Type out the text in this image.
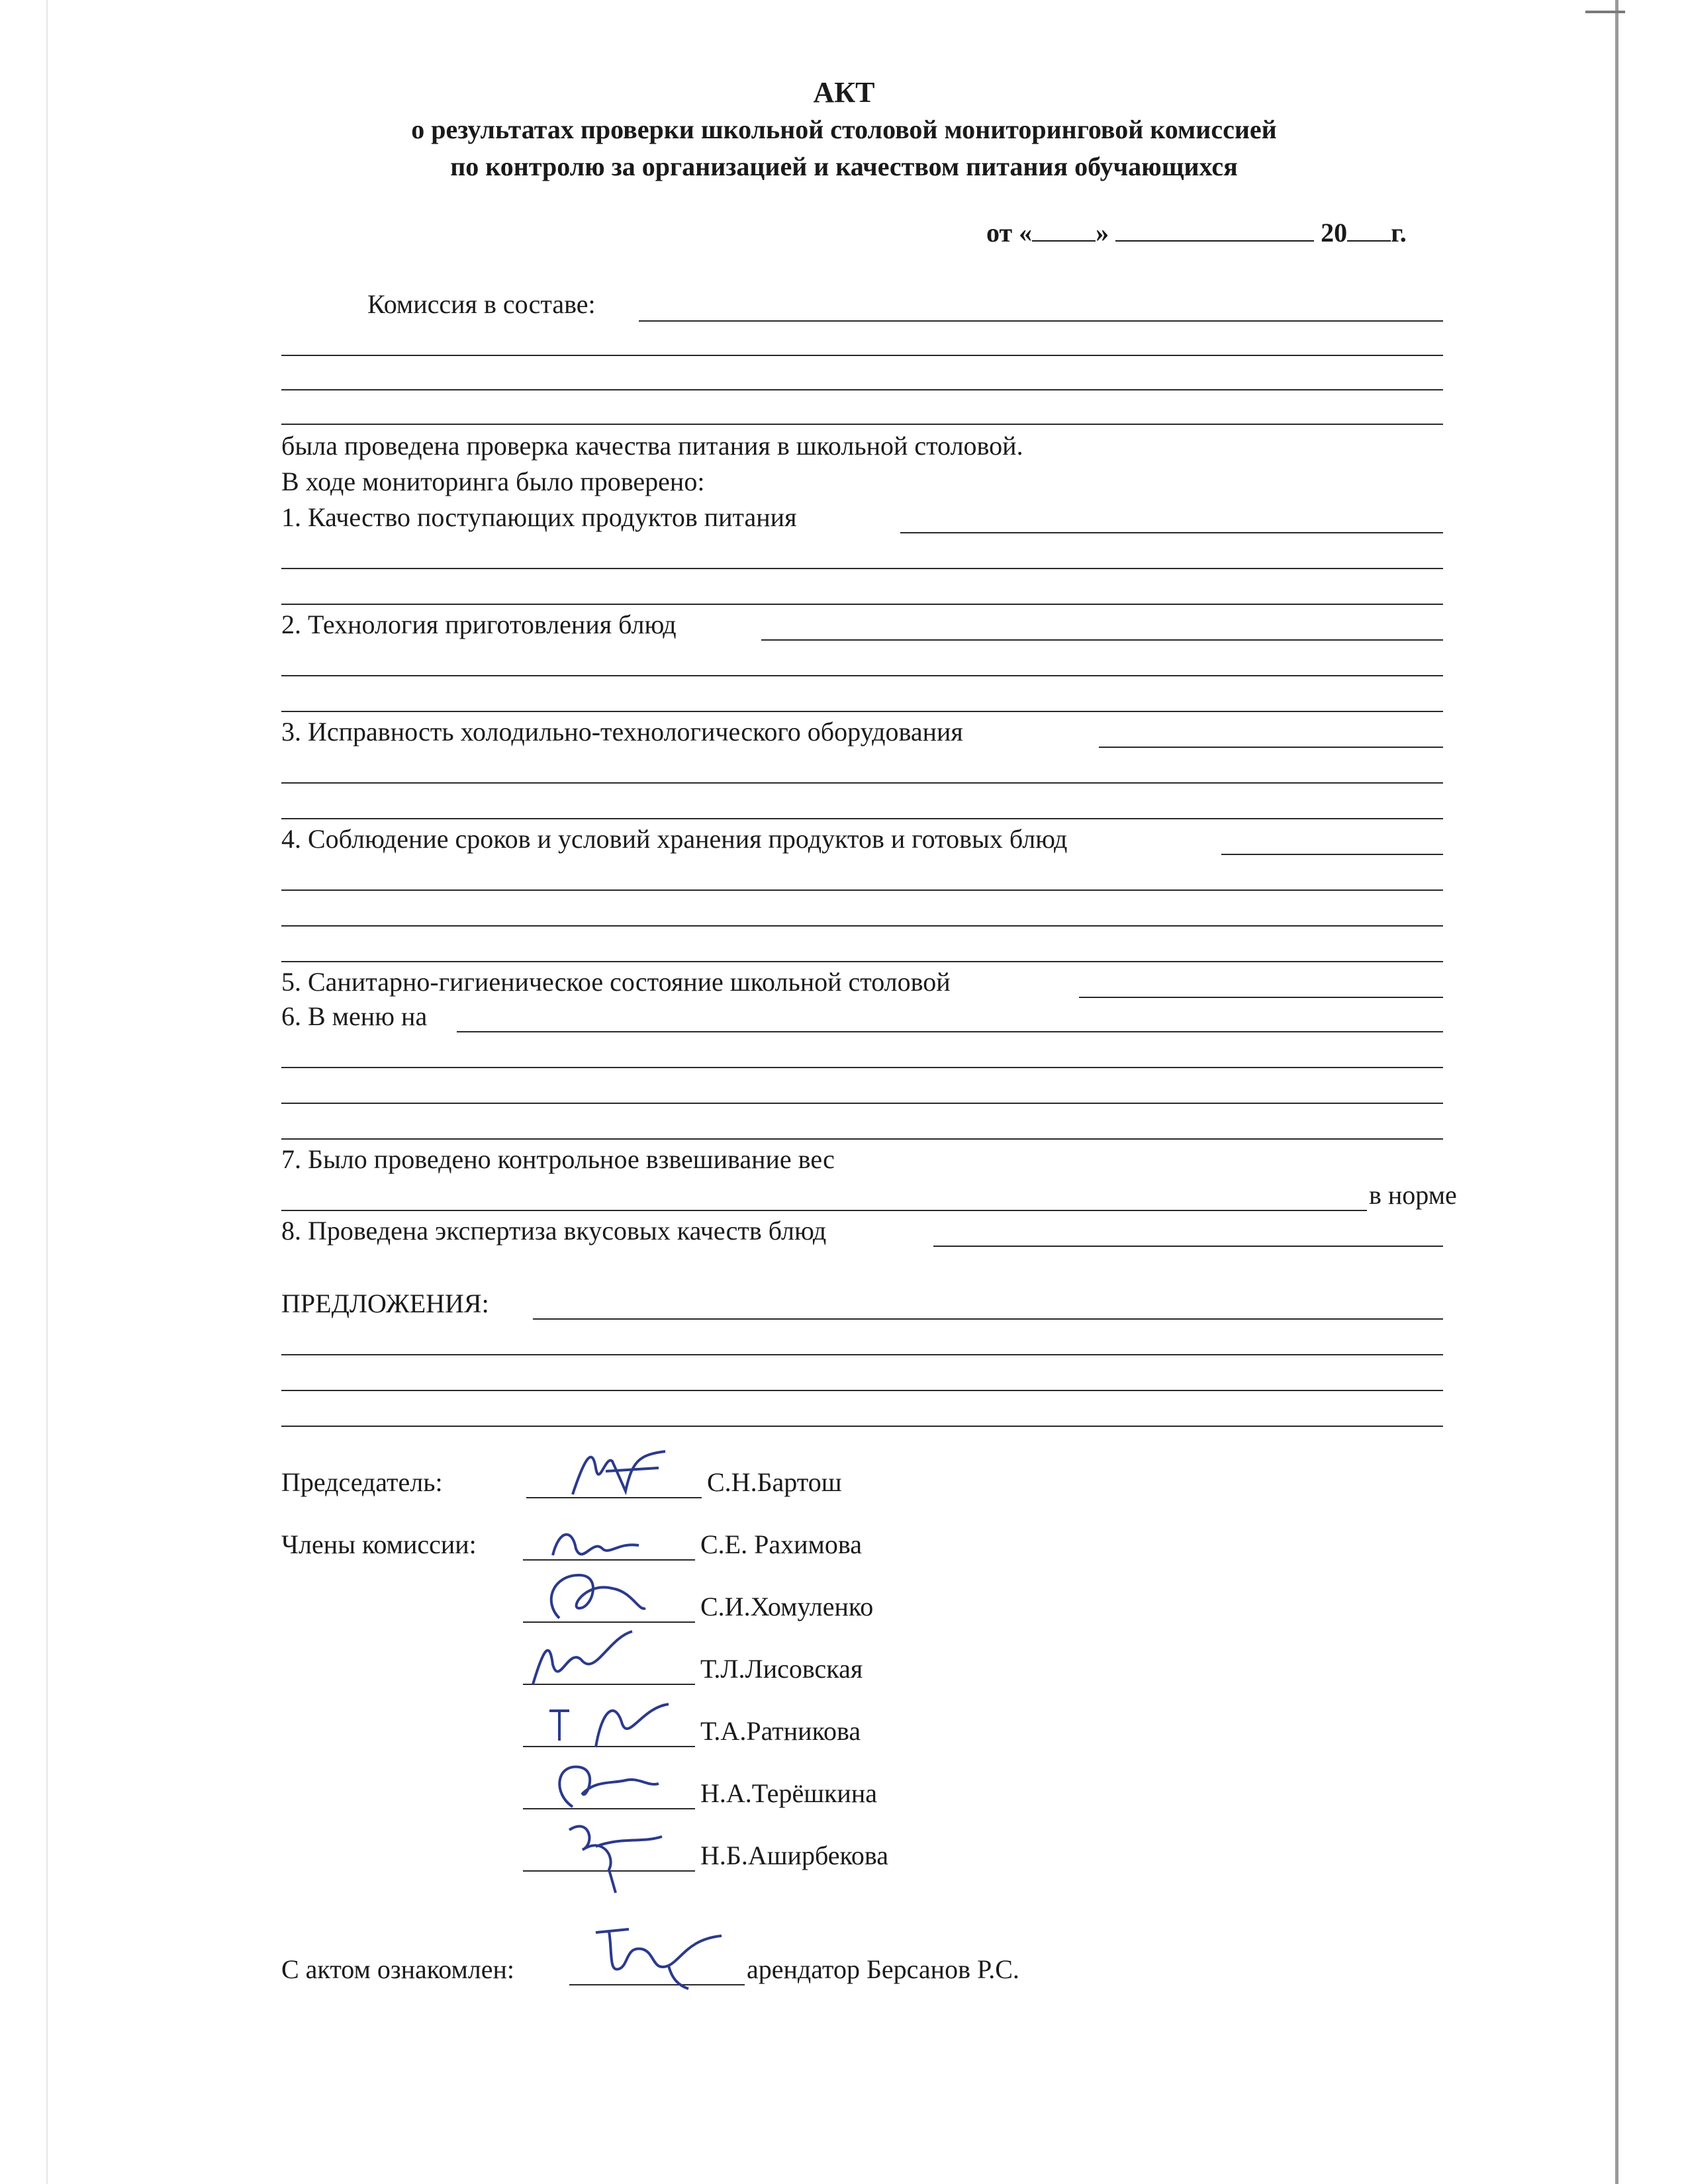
АКТ
о результатах проверки школьной столовой мониторинговой комиссией
по контролю за организацией и качеством питания обучающихся
от « »	20 г.
Комиссия в составе:
была проведена проверка качества питания в школьной столовой.
В ходе мониторинга было проверено:
1. Качество поступающих продуктов питания
2. Технология приготовления блюд
3. Исправность холодильно-технологического оборудования
4. Соблюдение сроков и условий хранения продуктов и готовых блюд
5. Санитарно-гигиеническое состояние школьной столовой
6. В меню на
7. Было проведено контрольное взвешивание вес
в норме
8. Проведена экспертиза вкусовых качеств блюд
ПРЕДЛОЖЕНИЯ:
Председатель:	С.Н.Бартош
Члены комиссии:	С.Е. Рахимова
С.И.Хомуленко
Т.Л.Лисовская
Т.А.Ратникова
Н.А.Терёшкина
Н.Б.Аширбекова
С актом ознакомлен:	арендатор Берсанов Р.С.
